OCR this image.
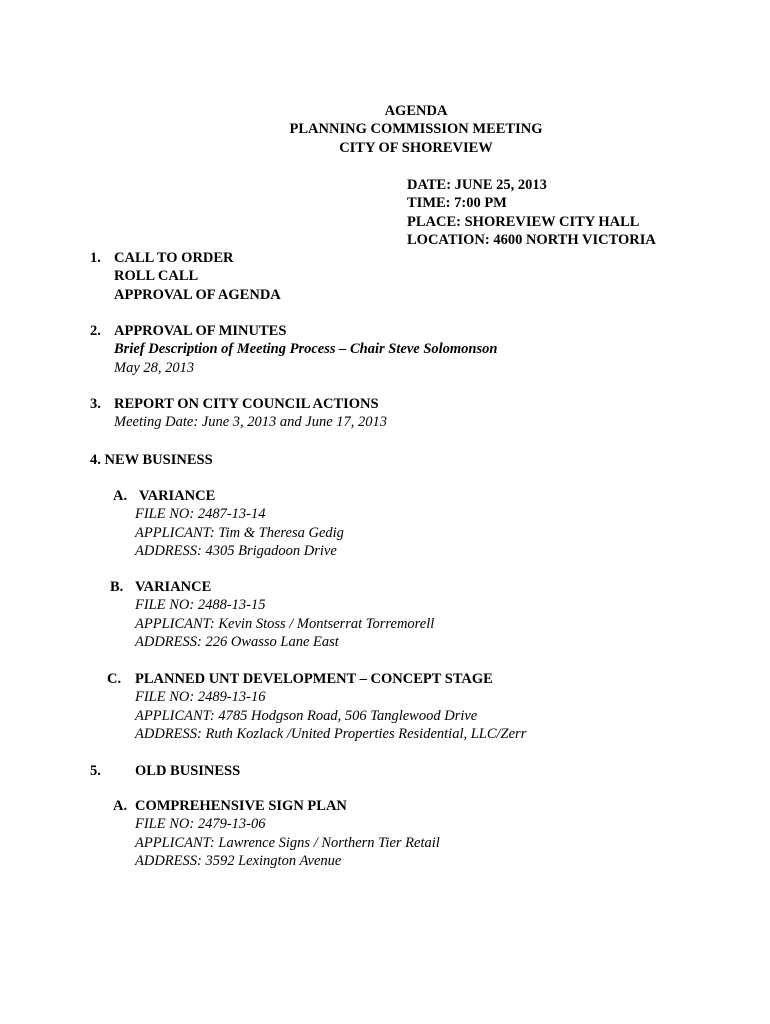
AGENDA
PLANNING COMMISSION MEETING
CITY OF SHOREVIEW
DATE: JUNE 25, 2013
TIME: 7:00 PM
PLACE: SHOREVIEW CITY HALL
LOCATION: 4600 NORTH VICTORIA
1. CALL TO ORDER
ROLL CALL
APPROVAL OF AGENDA
2. APPROVAL OF MINUTES
Brief Description of Meeting Process – Chair Steve Solomonson
May 28, 2013
3. REPORT ON CITY COUNCIL ACTIONS
Meeting Date: June 3, 2013 and June 17, 2013
4. NEW BUSINESS
A. VARIANCE
FILE NO: 2487-13-14
APPLICANT: Tim & Theresa Gedig
ADDRESS: 4305 Brigadoon Drive
B. VARIANCE
FILE NO: 2488-13-15
APPLICANT: Kevin Stoss / Montserrat Torremorell
ADDRESS: 226 Owasso Lane East
C. PLANNED UNT DEVELOPMENT – CONCEPT STAGE
FILE NO: 2489-13-16
APPLICANT: 4785 Hodgson Road, 506 Tanglewood Drive
ADDRESS: Ruth Kozlack /United Properties Residential, LLC/Zerr
5. OLD BUSINESS
A. COMPREHENSIVE SIGN PLAN
FILE NO: 2479-13-06
APPLICANT: Lawrence Signs / Northern Tier Retail
ADDRESS: 3592 Lexington Avenue
